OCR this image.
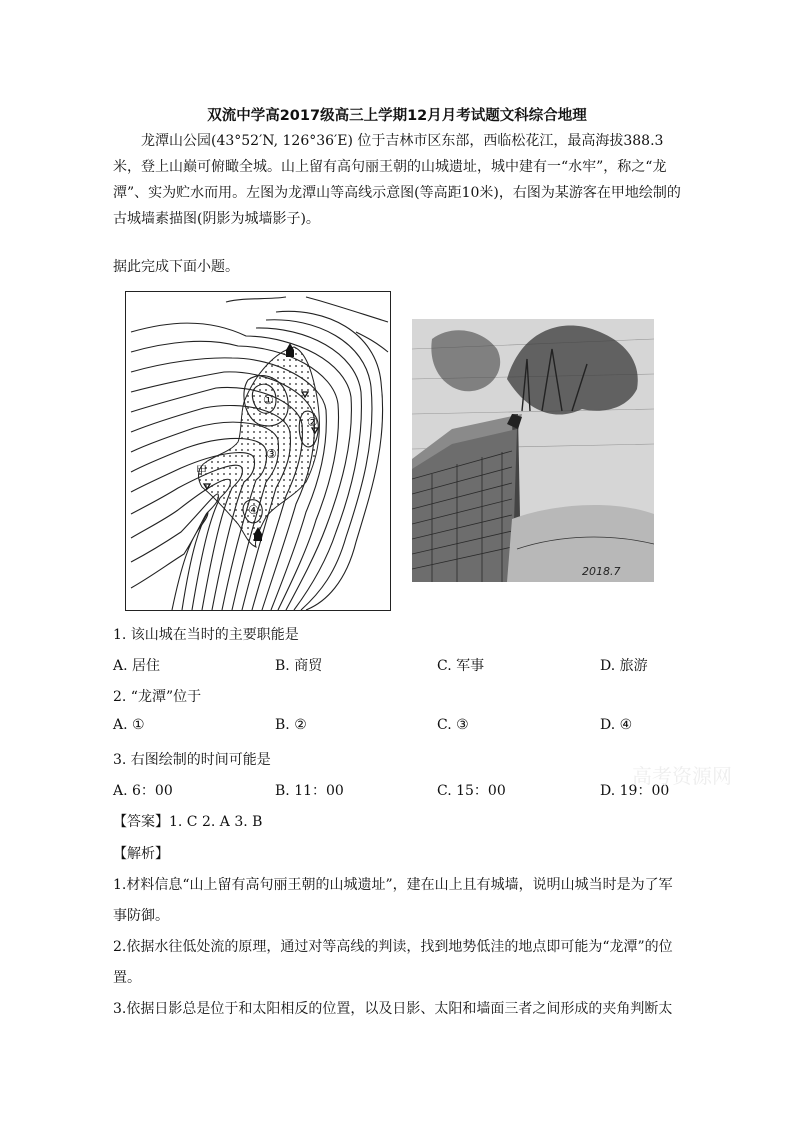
双流中学高2017级高三上学期12月月考试题文科综合地理

龙潭山公园(43°52′N, 126°36′E) 位于吉林市区东部，西临松花江，最高海拔388.3米，登上山巅可俯瞰全城。山上留有高句丽王朝的山城遗址，城中建有一“水牢”，称之“龙潭”、实为贮水而用。左图为龙潭山等高线示意图(等高距10米)，右图为某游客在甲地绘制的古城墙素描图(阴影为城墙影子)。

据此完成下面小题。

①
②
③
④
甲
2018.7
1. 该山城在当时的主要职能是
A. 居住	B. 商贸	C. 军事	D. 旅游
2. “龙潭”位于
A. ①	B. ②	C. ③	D. ④
3. 右图绘制的时间可能是
A. 6：00	B. 11：00	C. 15：00	D. 19：00
高考资源网
【答案】1. C 2. A 3. B
【解析】

1.材料信息“山上留有高句丽王朝的山城遗址”，建在山上且有城墙，说明山城当时是为了军事防御。

2.依据水往低处流的原理，通过对等高线的判读，找到地势低洼的地点即可能为“龙潭”的位置。

3.依据日影总是位于和太阳相反的位置，以及日影、太阳和墙面三者之间形成的夹角判断太
